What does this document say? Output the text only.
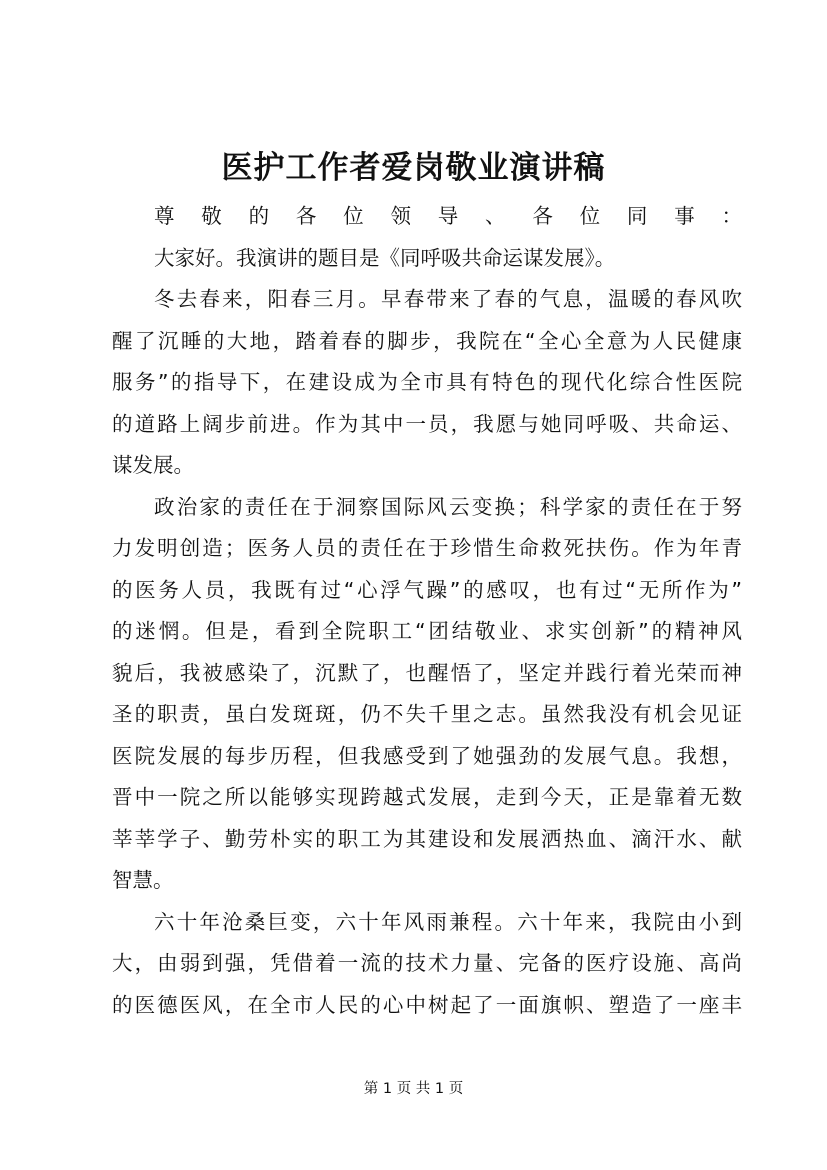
医护工作者爱岗敬业演讲稿
尊敬的各位领导、各位同事：
大家好。我演讲的题目是《同呼吸共命运谋发展》。
冬去春来，阳春三月。早春带来了春的气息，温暖的春风吹
醒了沉睡的大地，踏着春的脚步，我院在“全心全意为人民健康
服务”的指导下，在建设成为全市具有特色的现代化综合性医院
的道路上阔步前进。作为其中一员，我愿与她同呼吸、共命运、
谋发展。
政治家的责任在于洞察国际风云变换；科学家的责任在于努
力发明创造；医务人员的责任在于珍惜生命救死扶伤。作为年青
的医务人员，我既有过“心浮气躁”的感叹，也有过“无所作为”
的迷惘。但是，看到全院职工“团结敬业、求实创新”的精神风
貌后，我被感染了，沉默了，也醒悟了，坚定并践行着光荣而神
圣的职责，虽白发斑斑，仍不失千里之志。虽然我没有机会见证
医院发展的每步历程，但我感受到了她强劲的发展气息。我想，
晋中一院之所以能够实现跨越式发展，走到今天，正是靠着无数
莘莘学子、勤劳朴实的职工为其建设和发展洒热血、滴汗水、献
智慧。
六十年沧桑巨变，六十年风雨兼程。六十年来，我院由小到
大，由弱到强，凭借着一流的技术力量、完备的医疗设施、高尚
的医德医风，在全市人民的心中树起了一面旗帜、塑造了一座丰
第 1 页 共 1 页
